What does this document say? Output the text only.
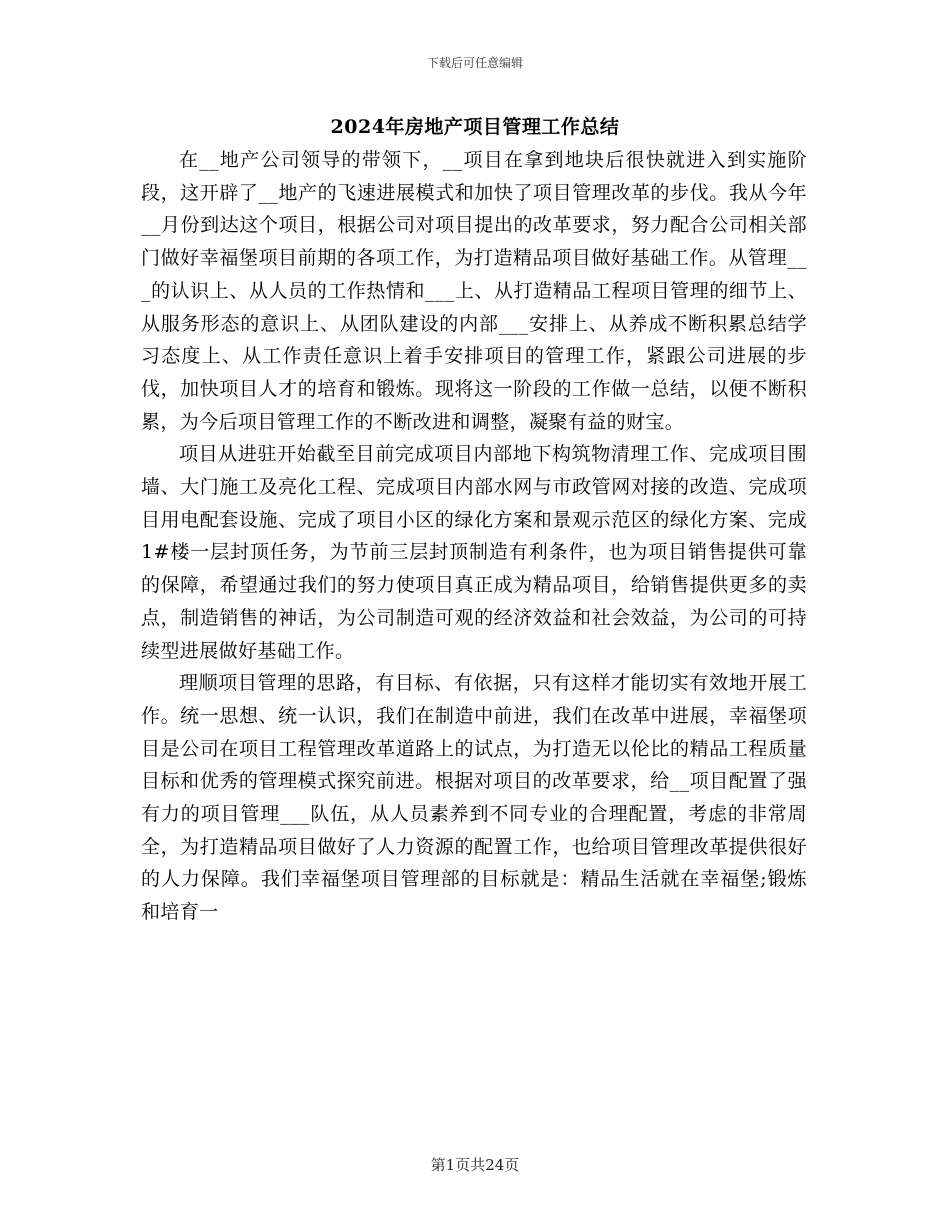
下载后可任意编辑
2024年房地产项目管理工作总结

在__地产公司领导的带领下，__项目在拿到地块后很快就进入到实施阶段，这开辟了__地产的飞速进展模式和加快了项目管理改革的步伐。我从今年__月份到达这个项目，根据公司对项目提出的改革要求，努力配合公司相关部门做好幸福堡项目前期的各项工作，为打造精品项目做好基础工作。从管理___的认识上、从人员的工作热情和___上、从打造精品工程项目管理的细节上、从服务形态的意识上、从团队建设的内部___安排上、从养成不断积累总结学习态度上、从工作责任意识上着手安排项目的管理工作，紧跟公司进展的步伐，加快项目人才的培育和锻炼。现将这一阶段的工作做一总结，以便不断积累，为今后项目管理工作的不断改进和调整，凝聚有益的财宝。

项目从进驻开始截至目前完成项目内部地下构筑物清理工作、完成项目围墙、大门施工及亮化工程、完成项目内部水网与市政管网对接的改造、完成项目用电配套设施、完成了项目小区的绿化方案和景观示范区的绿化方案、完成1#楼一层封顶任务，为节前三层封顶制造有利条件，也为项目销售提供可靠的保障，希望通过我们的努力使项目真正成为精品项目，给销售提供更多的卖点，制造销售的神话，为公司制造可观的经济效益和社会效益，为公司的可持续型进展做好基础工作。

理顺项目管理的思路，有目标、有依据，只有这样才能切实有效地开展工作。统一思想、统一认识，我们在制造中前进，我们在改革中进展，幸福堡项目是公司在项目工程管理改革道路上的试点，为打造无以伦比的精品工程质量目标和优秀的管理模式探究前进。根据对项目的改革要求，给__项目配置了强有力的项目管理___队伍，从人员素养到不同专业的合理配置，考虑的非常周全，为打造精品项目做好了人力资源的配置工作，也给项目管理改革提供很好的人力保障。我们幸福堡项目管理部的目标就是：精品生活就在幸福堡;锻炼和培育一

第1页共24页
